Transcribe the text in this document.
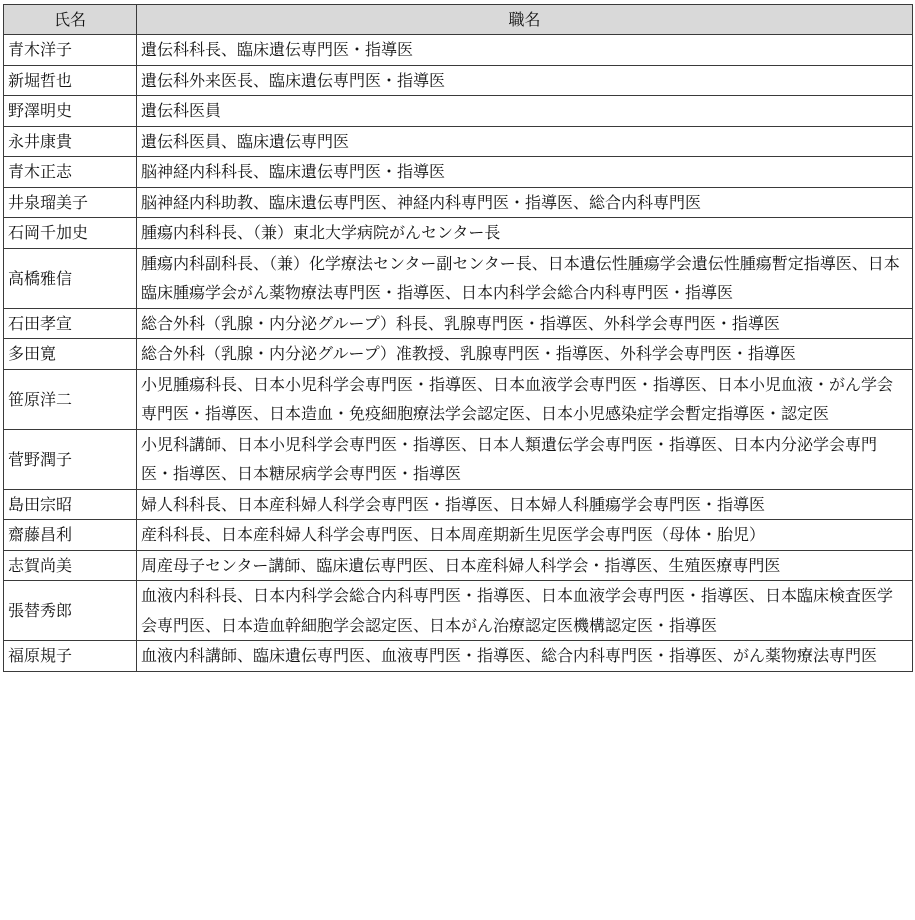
氏名	職名
青木洋子	遺伝科科長、臨床遺伝専門医・指導医
新堀哲也	遺伝科外来医長、臨床遺伝専門医・指導医
野澤明史	遺伝科医員
永井康貴	遺伝科医員、臨床遺伝専門医
青木正志	脳神経内科科長、臨床遺伝専門医・指導医
井泉瑠美子	脳神経内科助教、臨床遺伝専門医、神経内科専門医・指導医、総合内科専門医
石岡千加史	腫瘍内科科長、（兼）東北大学病院がんセンター長
高橋雅信	腫瘍内科副科長、（兼）化学療法センター副センター長、日本遺伝性腫瘍学会遺伝性腫瘍暫定指導医、日本臨床腫瘍学会がん薬物療法専門医・指導医、日本内科学会総合内科専門医・指導医
石田孝宣	総合外科（乳腺・内分泌グループ）科長、乳腺専門医・指導医、外科学会専門医・指導医
多田寛	総合外科（乳腺・内分泌グループ）准教授、乳腺専門医・指導医、外科学会専門医・指導医
笹原洋二	小児腫瘍科長、日本小児科学会専門医・指導医、日本血液学会専門医・指導医、日本小児血液・がん学会専門医・指導医、日本造血・免疫細胞療法学会認定医、日本小児感染症学会暫定指導医・認定医
菅野潤子	小児科講師、日本小児科学会専門医・指導医、日本人類遺伝学会専門医・指導医、日本内分泌学会専門医・指導医、日本糖尿病学会専門医・指導医
島田宗昭	婦人科科長、日本産科婦人科学会専門医・指導医、日本婦人科腫瘍学会専門医・指導医
齋藤昌利	産科科長、日本産科婦人科学会専門医、日本周産期新生児医学会専門医（母体・胎児）
志賀尚美	周産母子センター講師、臨床遺伝専門医、日本産科婦人科学会・指導医、生殖医療専門医
張替秀郎	血液内科科長、日本内科学会総合内科専門医・指導医、日本血液学会専門医・指導医、日本臨床検査医学会専門医、日本造血幹細胞学会認定医、日本がん治療認定医機構認定医・指導医
福原規子	血液内科講師、臨床遺伝専門医、血液専門医・指導医、総合内科専門医・指導医、がん薬物療法専門医
